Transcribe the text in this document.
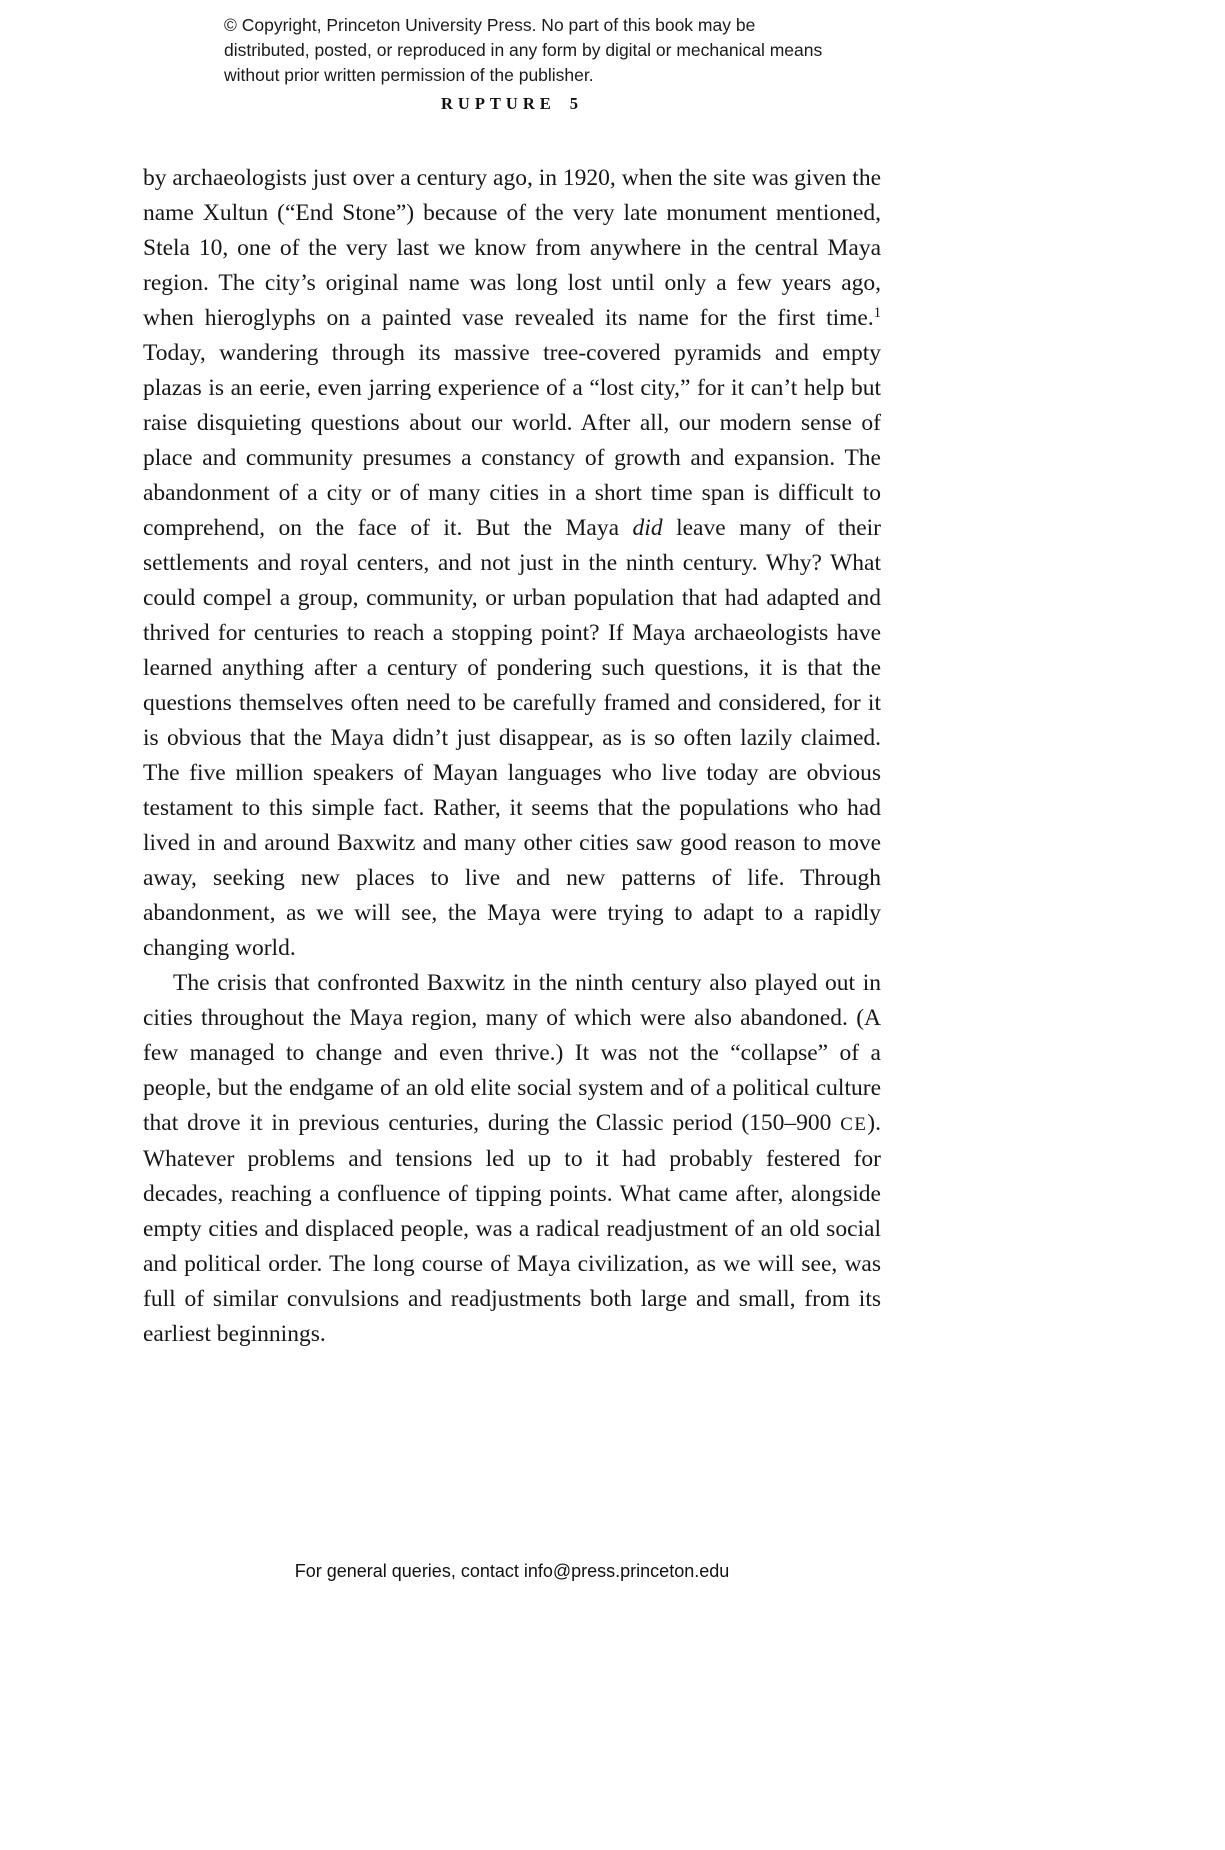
© Copyright, Princeton University Press. No part of this book may be distributed, posted, or reproduced in any form by digital or mechanical means without prior written permission of the publisher.
RUPTURE 5

by archaeologists just over a century ago, in 1920, when the site was given the name Xultun (“End Stone”) because of the very late monument mentioned, Stela 10, one of the very last we know from anywhere in the central Maya region. The city’s original name was long lost until only a few years ago, when hieroglyphs on a painted vase revealed its name for the first time.$^1$ Today, wandering through its massive tree-covered pyramids and empty plazas is an eerie, even jarring experience of a “lost city,” for it can’t help but raise disquieting questions about our world. After all, our modern sense of place and community presumes a constancy of growth and expansion. The abandonment of a city or of many cities in a short time span is difficult to comprehend, on the face of it. But the Maya did leave many of their settlements and royal centers, and not just in the ninth century. Why? What could compel a group, community, or urban population that had adapted and thrived for centuries to reach a stopping point? If Maya archaeologists have learned anything after a century of pondering such questions, it is that the questions themselves often need to be carefully framed and considered, for it is obvious that the Maya didn’t just disappear, as is so often lazily claimed. The five million speakers of Mayan languages who live today are obvious testament to this simple fact. Rather, it seems that the populations who had lived in and around Baxwitz and many other cities saw good reason to move away, seeking new places to live and new patterns of life. Through abandonment, as we will see, the Maya were trying to adapt to a rapidly changing world.

The crisis that confronted Baxwitz in the ninth century also played out in cities throughout the Maya region, many of which were also abandoned. (A few managed to change and even thrive.) It was not the “collapse” of a people, but the endgame of an old elite social system and of a political culture that drove it in previous centuries, during the Classic period (150–900 CE). Whatever problems and tensions led up to it had probably festered for decades, reaching a confluence of tipping points. What came after, alongside empty cities and displaced people, was a radical readjustment of an old social and political order. The long course of Maya civilization, as we will see, was full of similar convulsions and readjustments both large and small, from its earliest beginnings.

For general queries, contact info@press.princeton.edu
